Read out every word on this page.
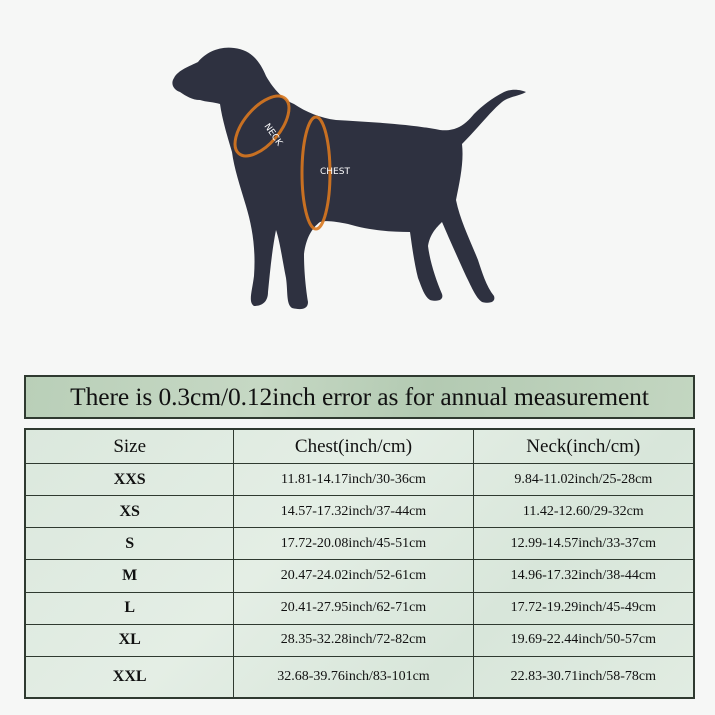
NECK
CHEST
There is 0.3cm/0.12inch error as for annual measurement
Size	Chest(inch/cm)	Neck(inch/cm)
XXS	11.81-14.17inch/30-36cm	9.84-11.02inch/25-28cm
XS	14.57-17.32inch/37-44cm	11.42-12.60/29-32cm
S	17.72-20.08inch/45-51cm	12.99-14.57inch/33-37cm
M	20.47-24.02inch/52-61cm	14.96-17.32inch/38-44cm
L	20.41-27.95inch/62-71cm	17.72-19.29inch/45-49cm
XL	28.35-32.28inch/72-82cm	19.69-22.44inch/50-57cm
XXL	32.68-39.76inch/83-101cm	22.83-30.71inch/58-78cm
